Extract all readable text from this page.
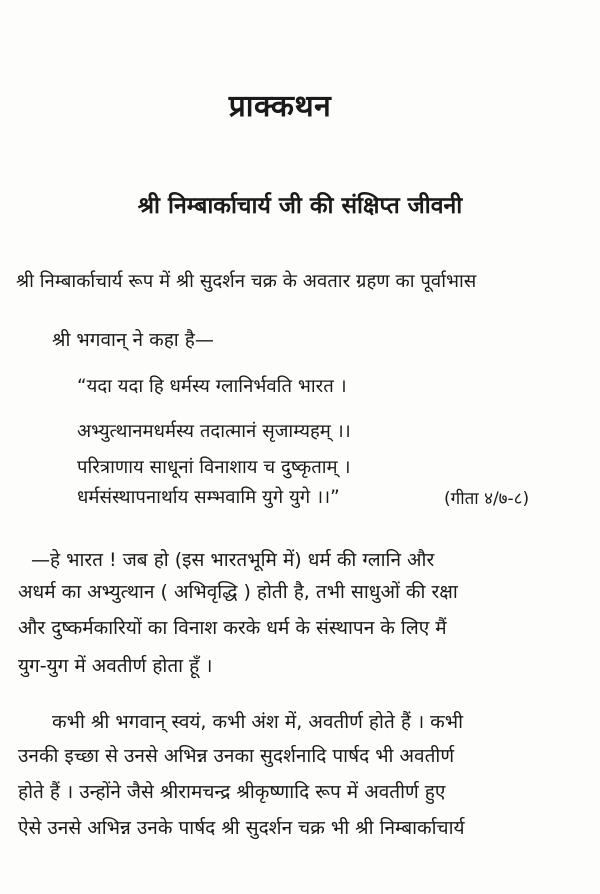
प्राक्कथन
श्री निम्बार्काचार्य जी की संक्षिप्त जीवनी
श्री निम्बार्काचार्य रूप में श्री सुदर्शन चक्र के अवतार ग्रहण का पूर्वाभास
श्री भगवान् ने कहा है—
“यदा यदा हि धर्मस्य ग्लानिर्भवति भारत ।
अभ्युत्थानमधर्मस्य तदात्मानं सृजाम्यहम् ।।
परित्राणाय साधूनां विनाशाय च दुष्कृताम् ।
धर्मसंस्थापनार्थाय सम्भवामि युगे युगे ।।”	(गीता ४/७-८)
—हे भारत ! जब हो (इस भारतभूमि में) धर्म की ग्लानि और
अधर्म का अभ्युत्थान ( अभिवृद्धि ) होती है, तभी साधुओं की रक्षा
और दुष्कर्मकारियों का विनाश करके धर्म के संस्थापन के लिए मैं
युग-युग में अवतीर्ण होता हूँ ।
कभी श्री भगवान् स्वयं, कभी अंश में, अवतीर्ण होते हैं । कभी
उनकी इच्छा से उनसे अभिन्न उनका सुदर्शनादि पार्षद भी अवतीर्ण
होते हैं । उन्होंने जैसे श्रीरामचन्द्र श्रीकृष्णादि रूप में अवतीर्ण हुए
ऐसे उनसे अभिन्न उनके पार्षद श्री सुदर्शन चक्र भी श्री निम्बार्काचार्य
